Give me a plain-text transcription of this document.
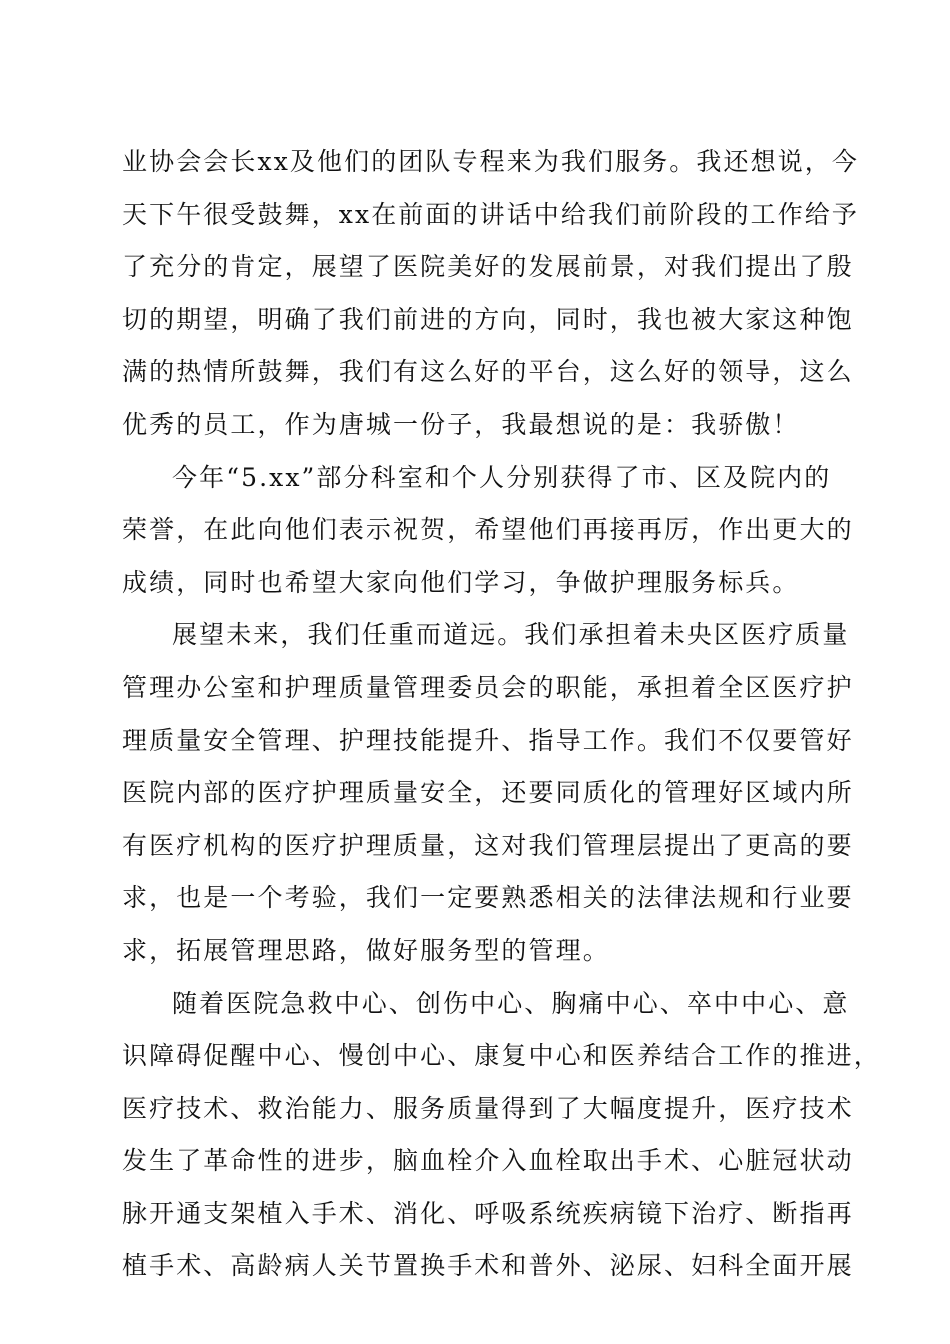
业协会会长xx及他们的团队专程来为我们服务。我还想说，今
天下午很受鼓舞，xx在前面的讲话中给我们前阶段的工作给予
了充分的肯定，展望了医院美好的发展前景，对我们提出了殷
切的期望，明确了我们前进的方向，同时，我也被大家这种饱
满的热情所鼓舞，我们有这么好的平台，这么好的领导，这么
优秀的员工，作为唐城一份子，我最想说的是：我骄傲！
今年“5.xx”部分科室和个人分别获得了市、区及院内的
荣誉，在此向他们表示祝贺，希望他们再接再厉，作出更大的
成绩，同时也希望大家向他们学习，争做护理服务标兵。
展望未来，我们任重而道远。我们承担着未央区医疗质量
管理办公室和护理质量管理委员会的职能，承担着全区医疗护
理质量安全管理、护理技能提升、指导工作。我们不仅要管好
医院内部的医疗护理质量安全，还要同质化的管理好区域内所
有医疗机构的医疗护理质量，这对我们管理层提出了更高的要
求，也是一个考验，我们一定要熟悉相关的法律法规和行业要
求，拓展管理思路，做好服务型的管理。
随着医院急救中心、创伤中心、胸痛中心、卒中中心、意
识障碍促醒中心、慢创中心、康复中心和医养结合工作的推进，
医疗技术、救治能力、服务质量得到了大幅度提升，医疗技术
发生了革命性的进步，脑血栓介入血栓取出手术、心脏冠状动
脉开通支架植入手术、消化、呼吸系统疾病镜下治疗、断指再
植手术、高龄病人关节置换手术和普外、泌尿、妇科全面开展
